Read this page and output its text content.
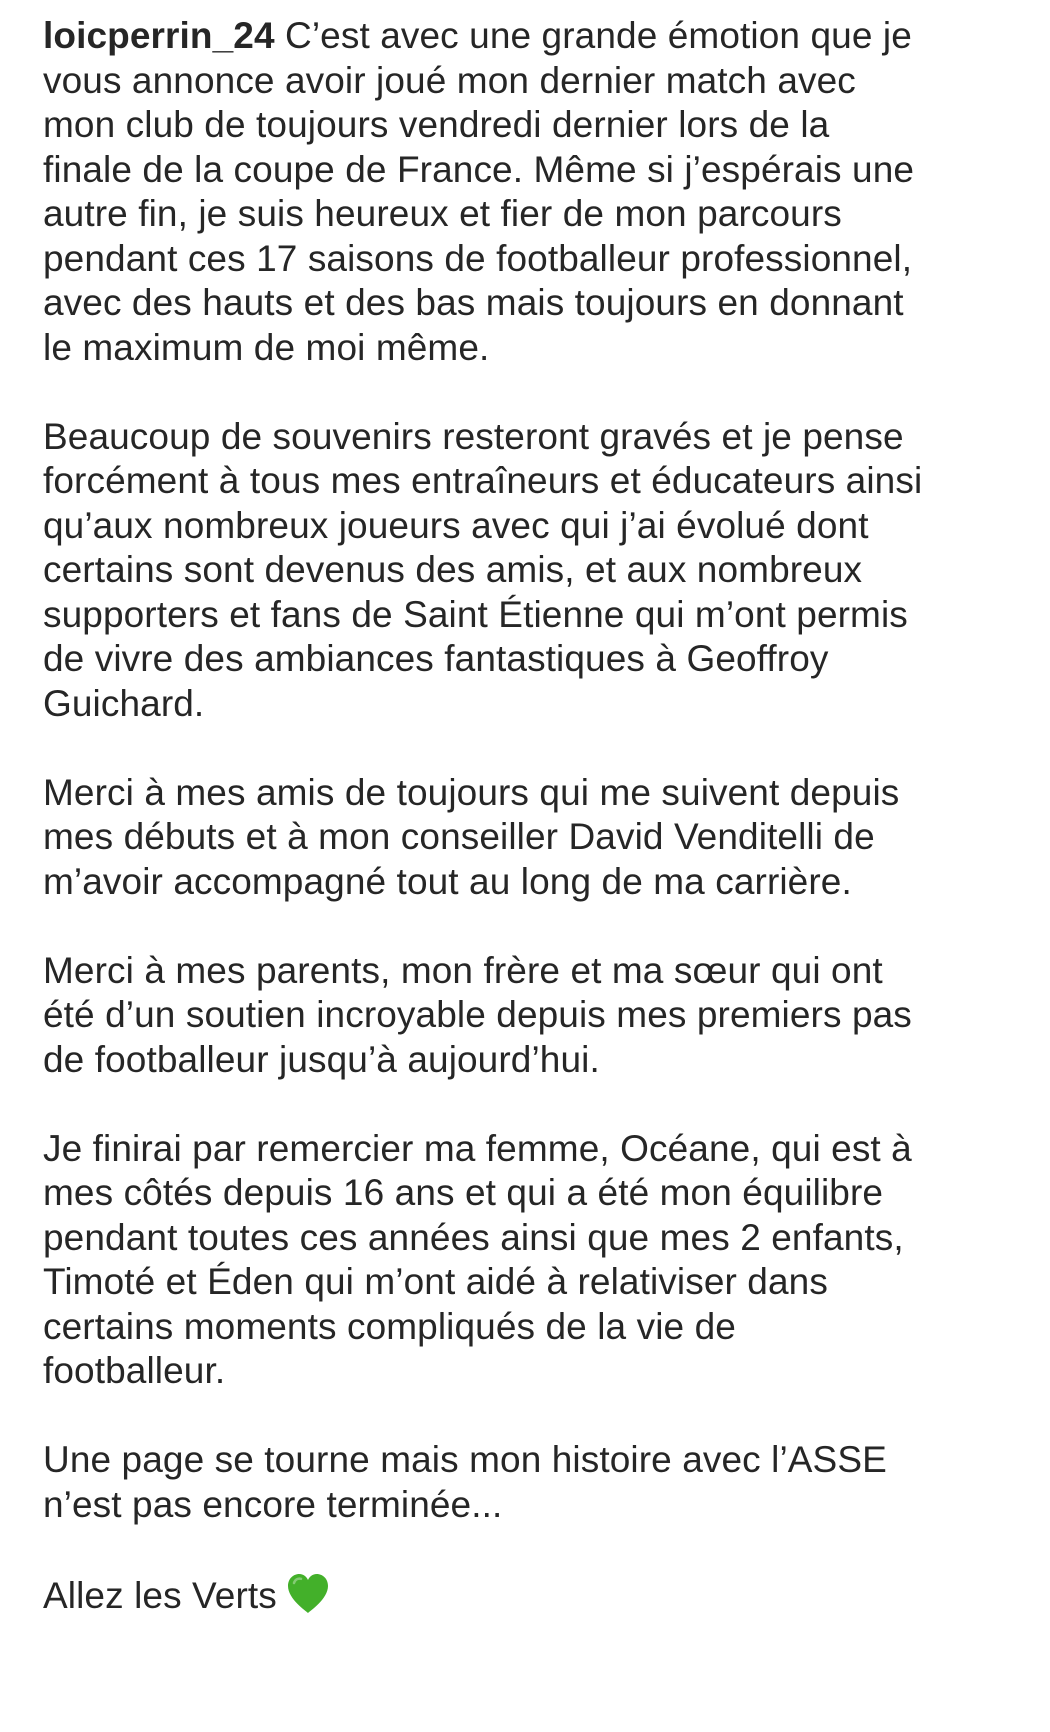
loicperrin_24 C’est avec une grande émotion que je
vous annonce avoir joué mon dernier match avec
mon club de toujours vendredi dernier lors de la
finale de la coupe de France. Même si j’espérais une
autre fin, je suis heureux et fier de mon parcours
pendant ces 17 saisons de footballeur professionnel,
avec des hauts et des bas mais toujours en donnant
le maximum de moi même.

Beaucoup de souvenirs resteront gravés et je pense
forcément à tous mes entraîneurs et éducateurs ainsi
qu’aux nombreux joueurs avec qui j’ai évolué dont
certains sont devenus des amis, et aux nombreux
supporters et fans de Saint Étienne qui m’ont permis
de vivre des ambiances fantastiques à Geoffroy
Guichard.

Merci à mes amis de toujours qui me suivent depuis
mes débuts et à mon conseiller David Venditelli de
m’avoir accompagné tout au long de ma carrière.

Merci à mes parents, mon frère et ma sœur qui ont
été d’un soutien incroyable depuis mes premiers pas
de footballeur jusqu’à aujourd’hui.

Je finirai par remercier ma femme, Océane, qui est à
mes côtés depuis 16 ans et qui a été mon équilibre
pendant toutes ces années ainsi que mes 2 enfants,
Timoté et Éden qui m’ont aidé à relativiser dans
certains moments compliqués de la vie de
footballeur.

Une page se tourne mais mon histoire avec l’ASSE
n’est pas encore terminée...

Allez les Verts
